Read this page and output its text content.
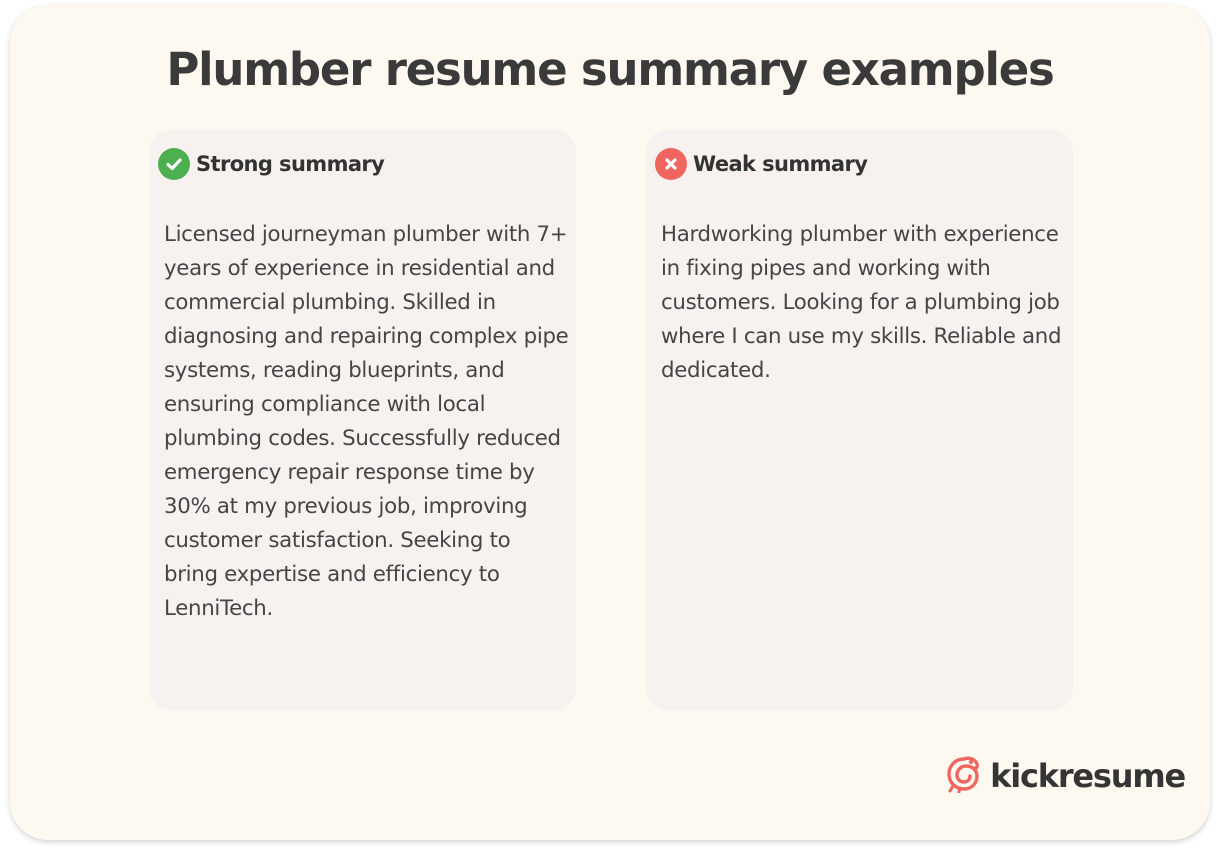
Plumber resume summary examples
Strong summary

Licensed journeyman plumber with 7+ years of experience in residential and commercial plumbing. Skilled in diagnosing and repairing complex pipe systems, reading blueprints, and ensuring compliance with local plumbing codes. Successfully reduced emergency repair response time by 30% at my previous job, improving customer satisfaction. Seeking to bring expertise and efficiency to LenniTech.

Weak summary

Hardworking plumber with experience in fixing pipes and working with customers. Looking for a plumbing job where I can use my skills. Reliable and dedicated.

kickresume
